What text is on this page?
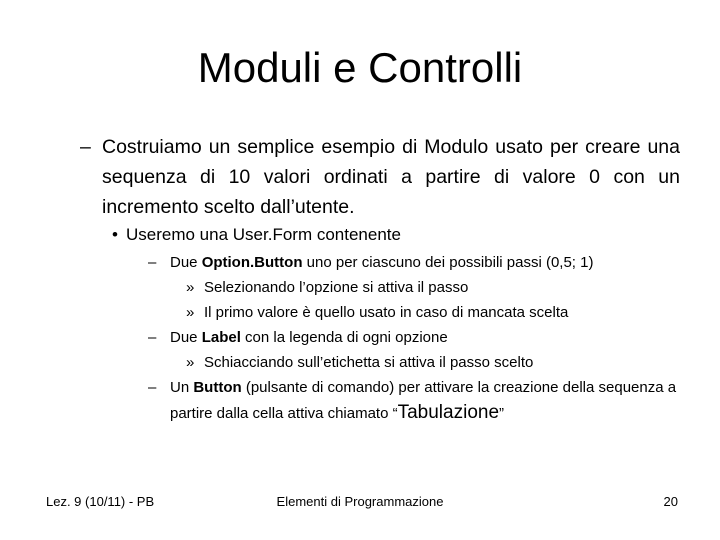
Moduli e Controlli
– Costruiamo un semplice esempio di Modulo usato per creare una sequenza di 10 valori ordinati a partire di valore 0 con un incremento scelto dall’utente.
• Useremo una User.Form contenente
– Due Option.Button uno per ciascuno dei possibili passi (0,5; 1)
» Selezionando l’opzione si attiva il passo
» Il primo valore è quello usato in caso di mancata scelta
– Due Label con la legenda di ogni opzione
» Schiacciando sull’etichetta si attiva il passo scelto
– Un Button (pulsante di comando) per attivare la creazione della sequenza a partire dalla cella attiva chiamato “Tabulazione”
Lez. 9 (10/11) - PB	Elementi di Programmazione	20
